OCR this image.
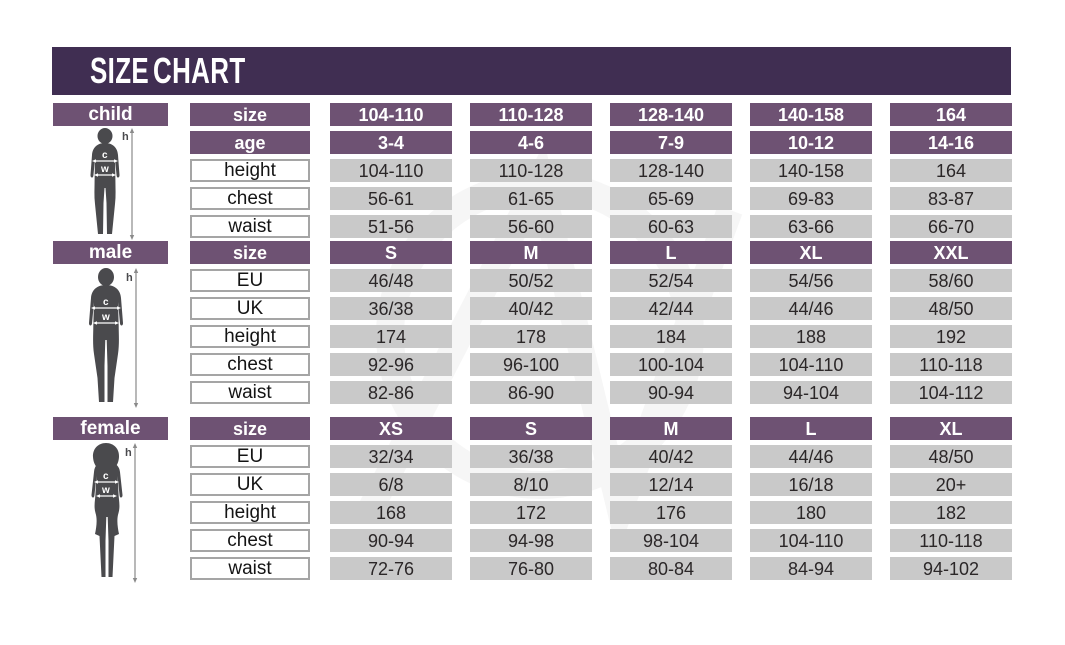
SIZE CHART
child	size	104-110	110-128	128-140	140-158	164
age	3-4	4-6	7-9	10-12	14-16
height	104-110	110-128	128-140	140-158	164
chest	56-61	61-65	65-69	69-83	83-87
waist	51-56	56-60	60-63	63-66	66-70
h
c
w
male	size	S	M	L	XL	XXL
EU	46/48	50/52	52/54	54/56	58/60
UK	36/38	40/42	42/44	44/46	48/50
height	174	178	184	188	192
chest	92-96	96-100	100-104	104-110	110-118
waist	82-86	86-90	90-94	94-104	104-112
h
c
w
female	size	XS	S	M	L	XL
EU	32/34	36/38	40/42	44/46	48/50
UK	6/8	8/10	12/14	16/18	20+
height	168	172	176	180	182
chest	90-94	94-98	98-104	104-110	110-118
waist	72-76	76-80	80-84	84-94	94-102
h
c
w
